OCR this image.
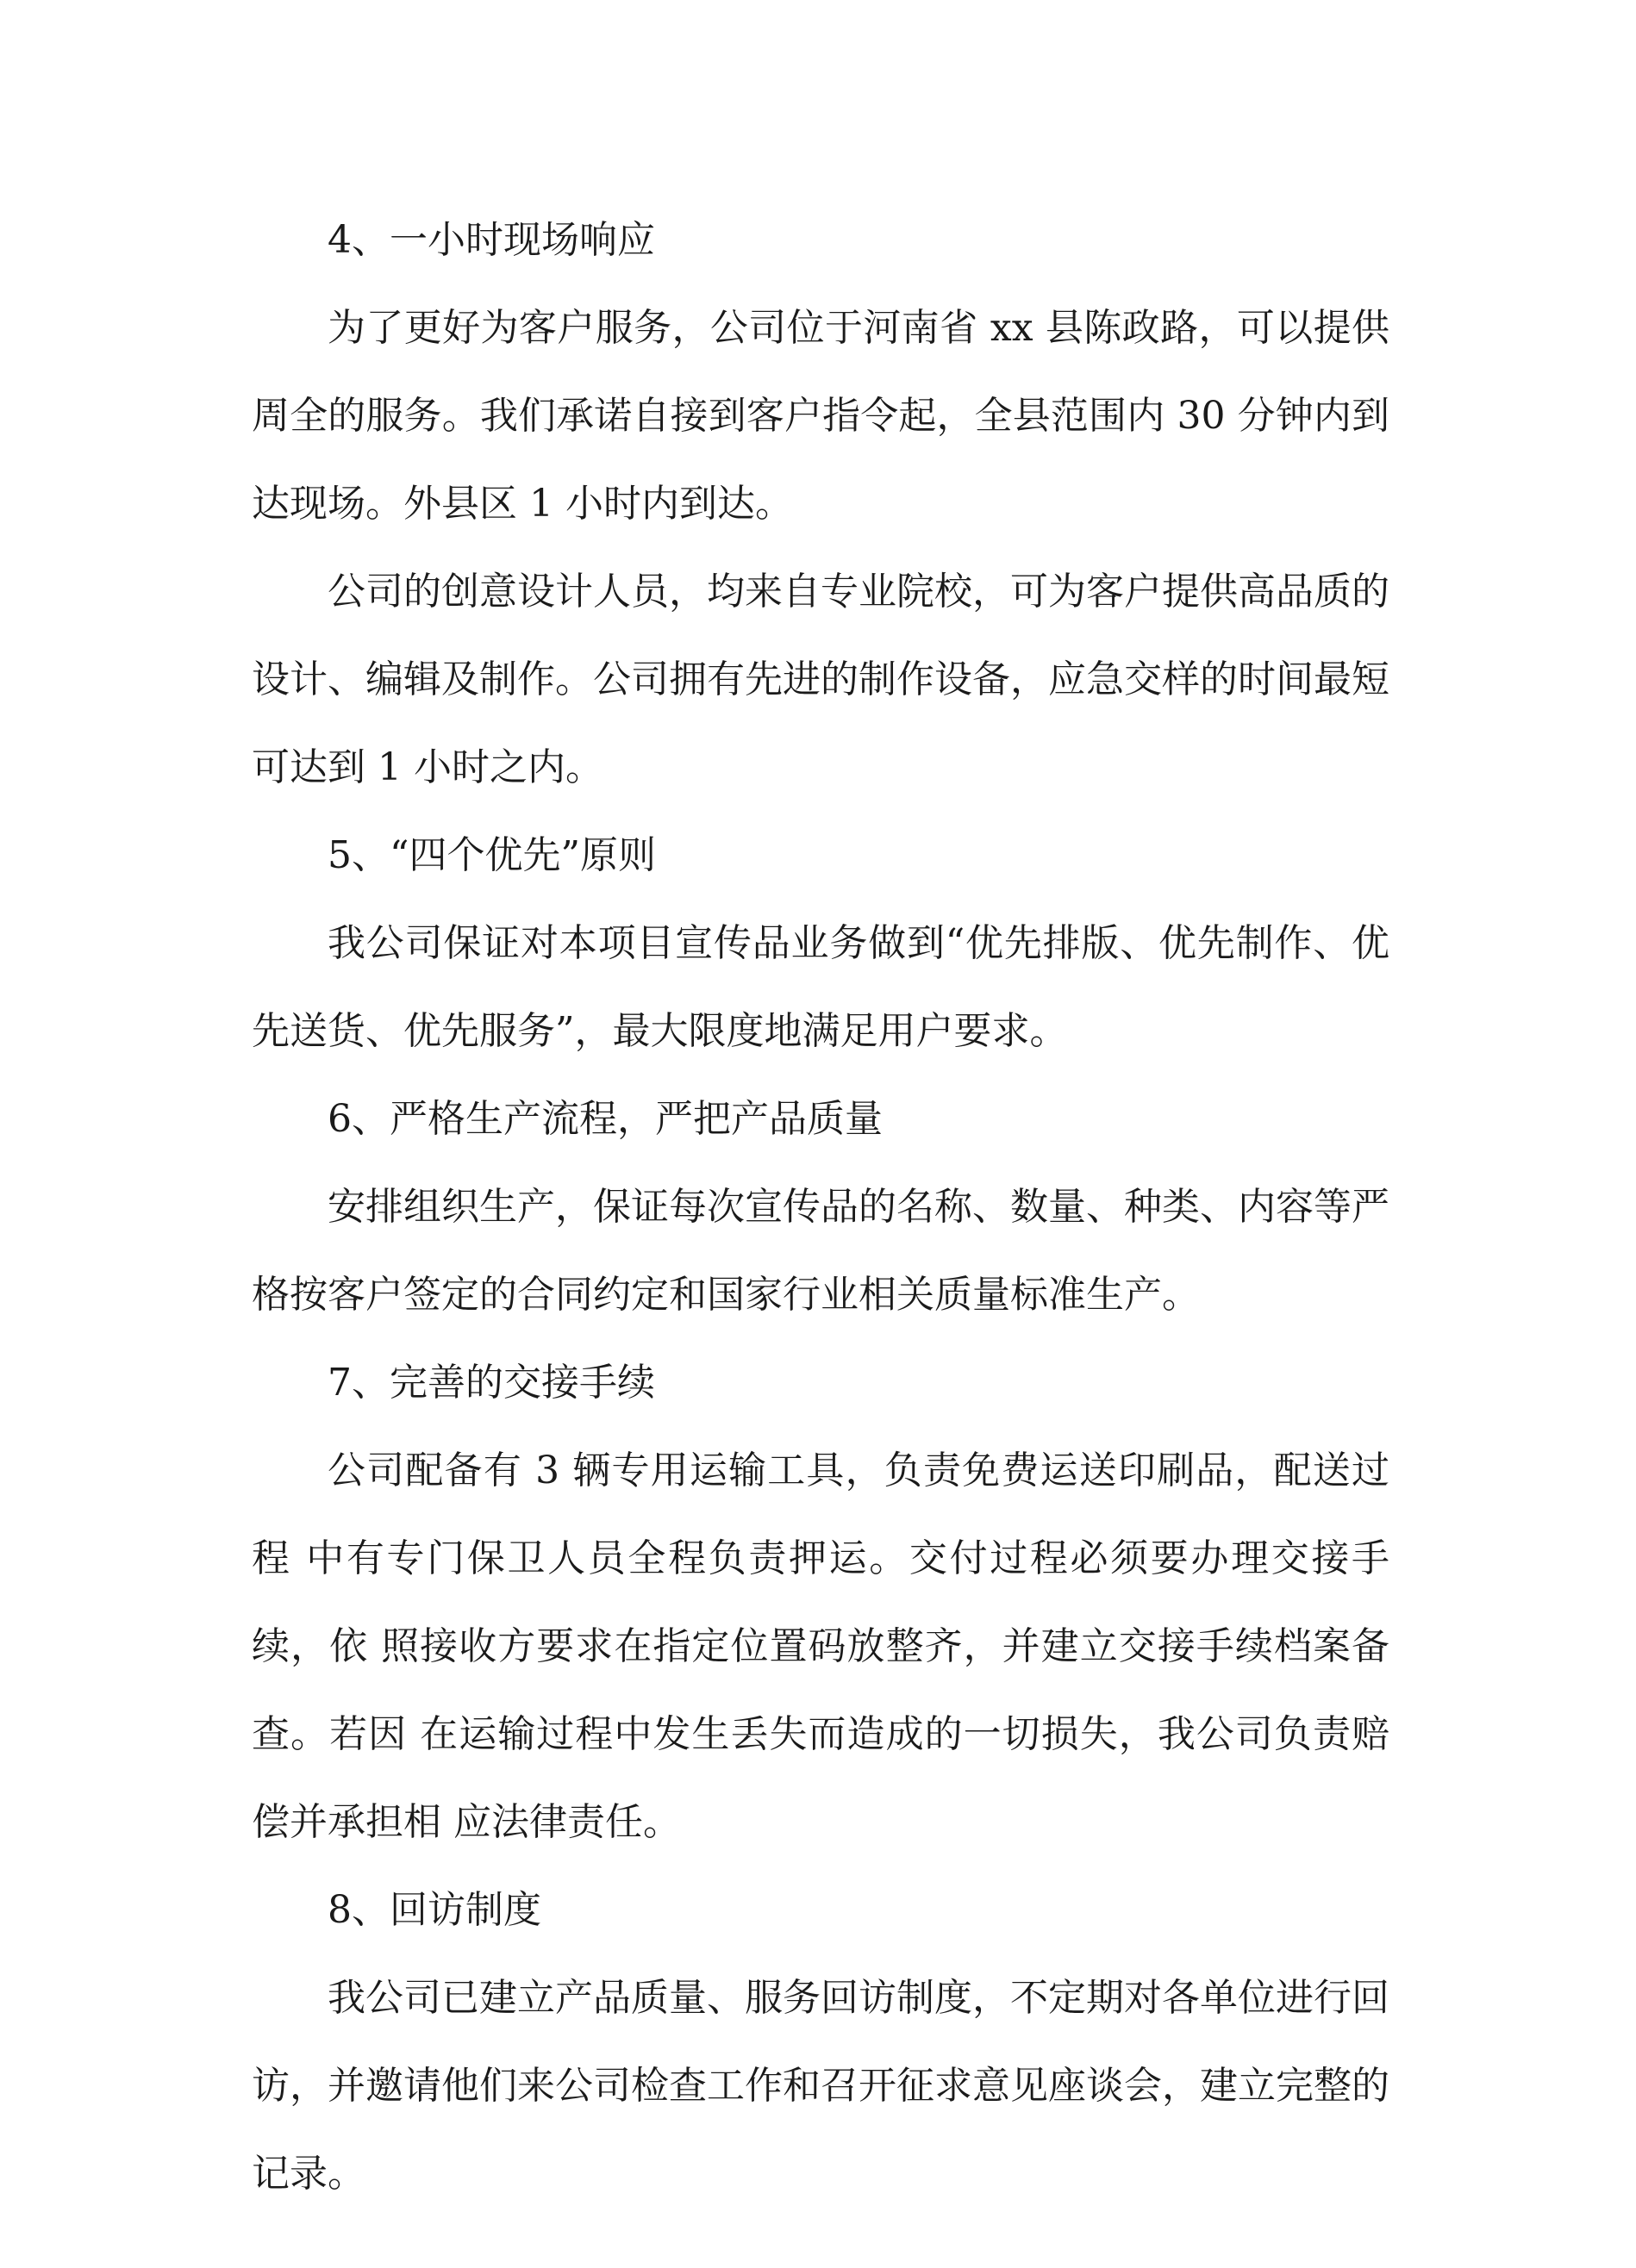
4、一小时现场响应

为了更好为客户服务，公司位于河南省 xx 县陈政路，可以提供 周全的服务。我们承诺自接到客户指令起，全县范围内 30 分钟内到 达现场。外县区 1 小时内到达。

公司的创意设计人员，均来自专业院校，可为客户提供高品质的 设计、编辑及制作。公司拥有先进的制作设备，应急交样的时间最短 可达到 1 小时之内。

5、“四个优先”原则

我公司保证对本项目宣传品业务做到“优先排版、优先制作、优 先送货、优先服务”，最大限度地满足用户要求。

6、严格生产流程，严把产品质量

安排组织生产，保证每次宣传品的名称、数量、种类、内容等严 格按客户签定的合同约定和国家行业相关质量标准生产。

7、完善的交接手续

公司配备有 3 辆专用运输工具，负责免费运送印刷品，配送过程 中有专门保卫人员全程负责押运。交付过程必须要办理交接手续，依 照接收方要求在指定位置码放整齐，并建立交接手续档案备查。若因 在运输过程中发生丢失而造成的一切损失，我公司负责赔偿并承担相 应法律责任。

8、回访制度

我公司已建立产品质量、服务回访制度，不定期对各单位进行回 访，并邀请他们来公司检查工作和召开征求意见座谈会，建立完整的 记录。
